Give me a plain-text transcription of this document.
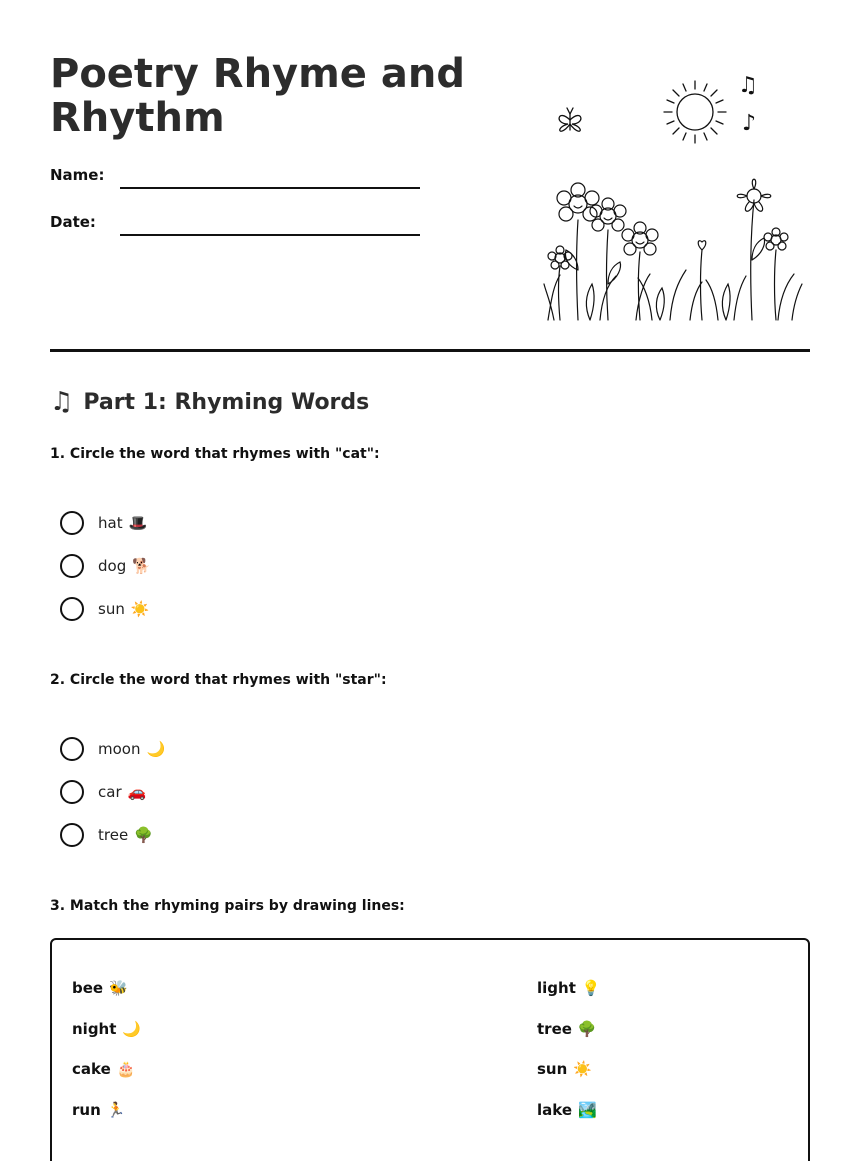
Poetry Rhyme and Rhythm
Name:
Date:
♫
♪
♫ Part 1: Rhyming Words
1. Circle the word that rhymes with "cat":
hat 🎩
dog 🐕
sun ☀️
2. Circle the word that rhymes with "star":
moon 🌙
car 🚗
tree 🌳
3. Match the rhyming pairs by drawing lines:
bee 🐝
night 🌙
cake 🎂
run 🏃
light 💡
tree 🌳
sun ☀️
lake 🏞️
